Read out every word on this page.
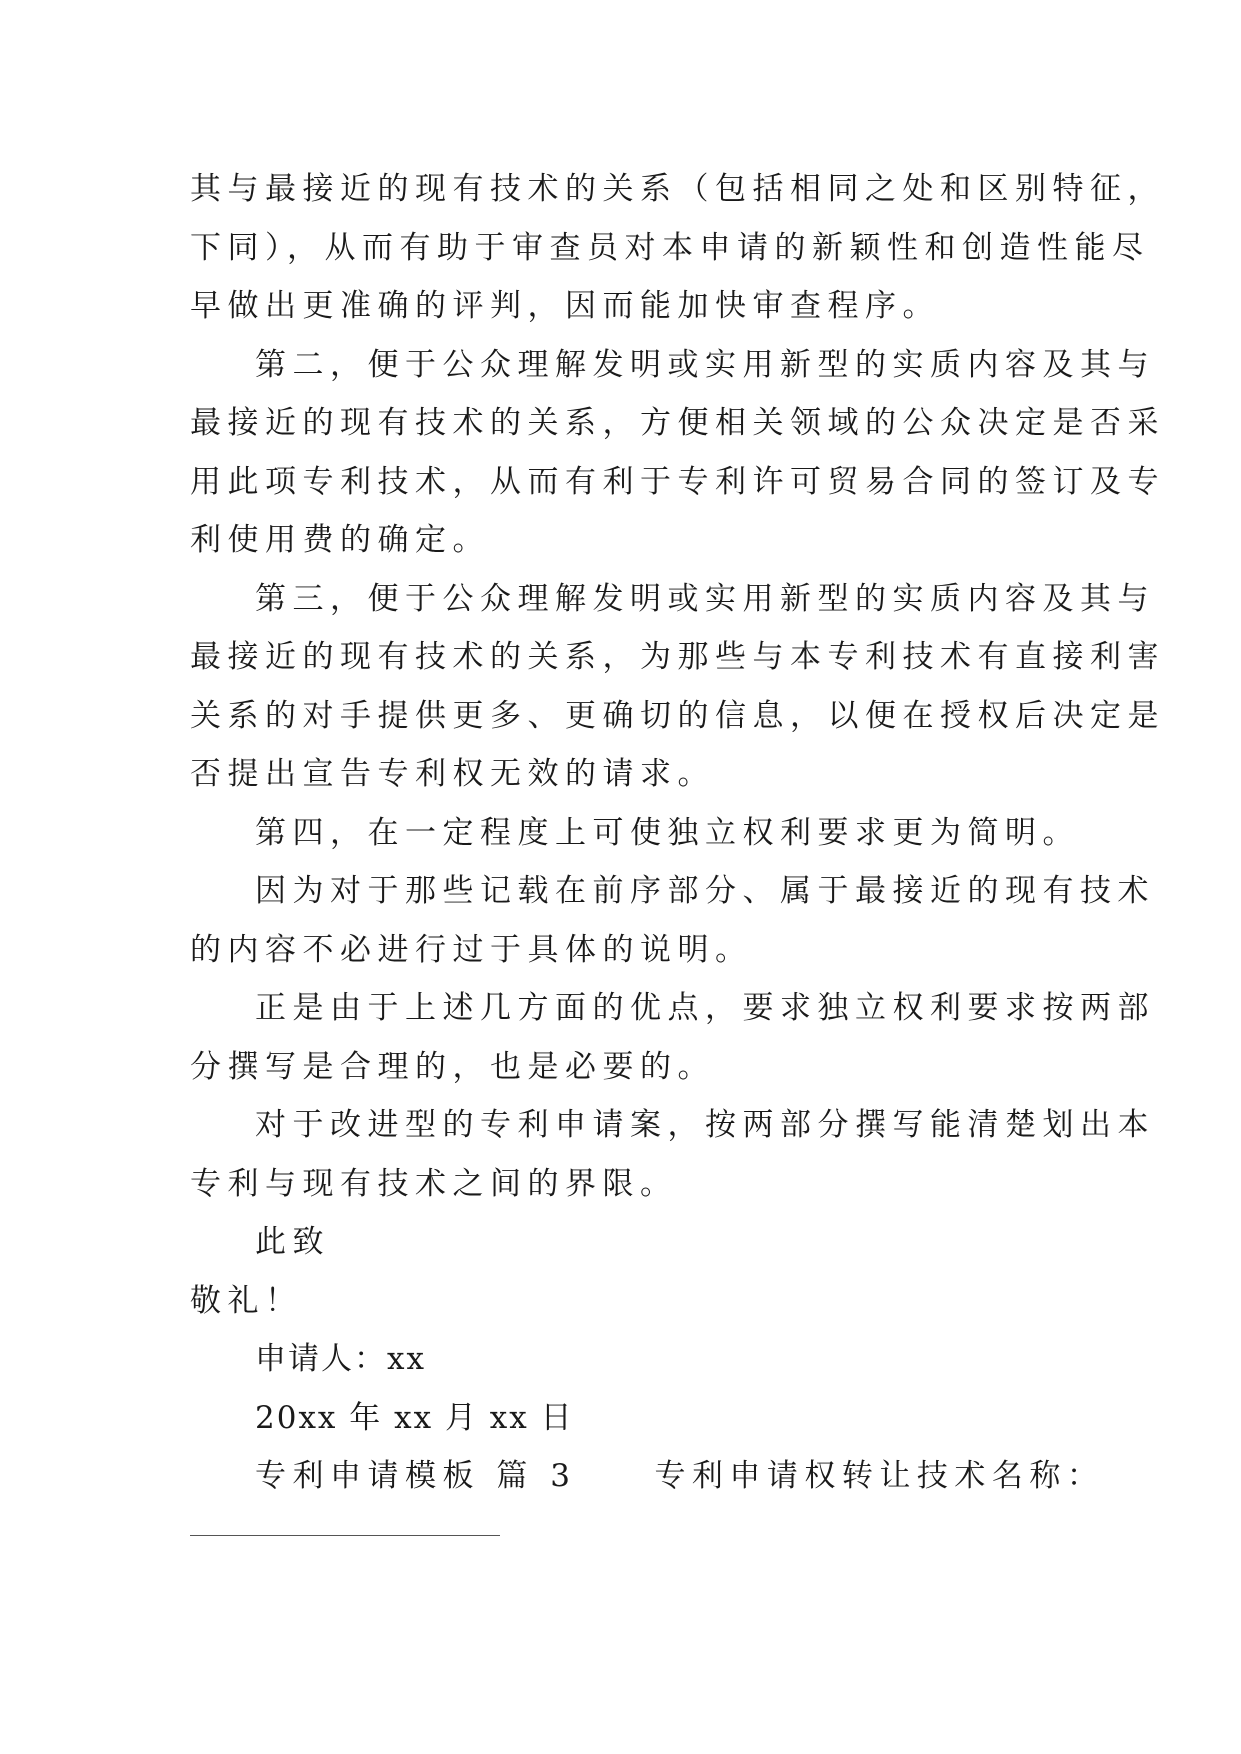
其与最接近的现有技术的关系（包括相同之处和区别特征，
下同），从而有助于审查员对本申请的新颖性和创造性能尽
早做出更准确的评判，因而能加快审查程序。
第二，便于公众理解发明或实用新型的实质内容及其与
最接近的现有技术的关系，方便相关领域的公众决定是否采
用此项专利技术，从而有利于专利许可贸易合同的签订及专
利使用费的确定。
第三，便于公众理解发明或实用新型的实质内容及其与
最接近的现有技术的关系，为那些与本专利技术有直接利害
关系的对手提供更多、更确切的信息，以便在授权后决定是
否提出宣告专利权无效的请求。
第四，在一定程度上可使独立权利要求更为简明。
因为对于那些记载在前序部分、属于最接近的现有技术
的内容不必进行过于具体的说明。
正是由于上述几方面的优点，要求独立权利要求按两部
分撰写是合理的，也是必要的。
对于改进型的专利申请案，按两部分撰写能清楚划出本
专利与现有技术之间的界限。
此致
敬礼！
申请人：xx
20xx 年 xx 月 xx 日
专利申请模板 篇 3	专利申请权转让技术名称：
